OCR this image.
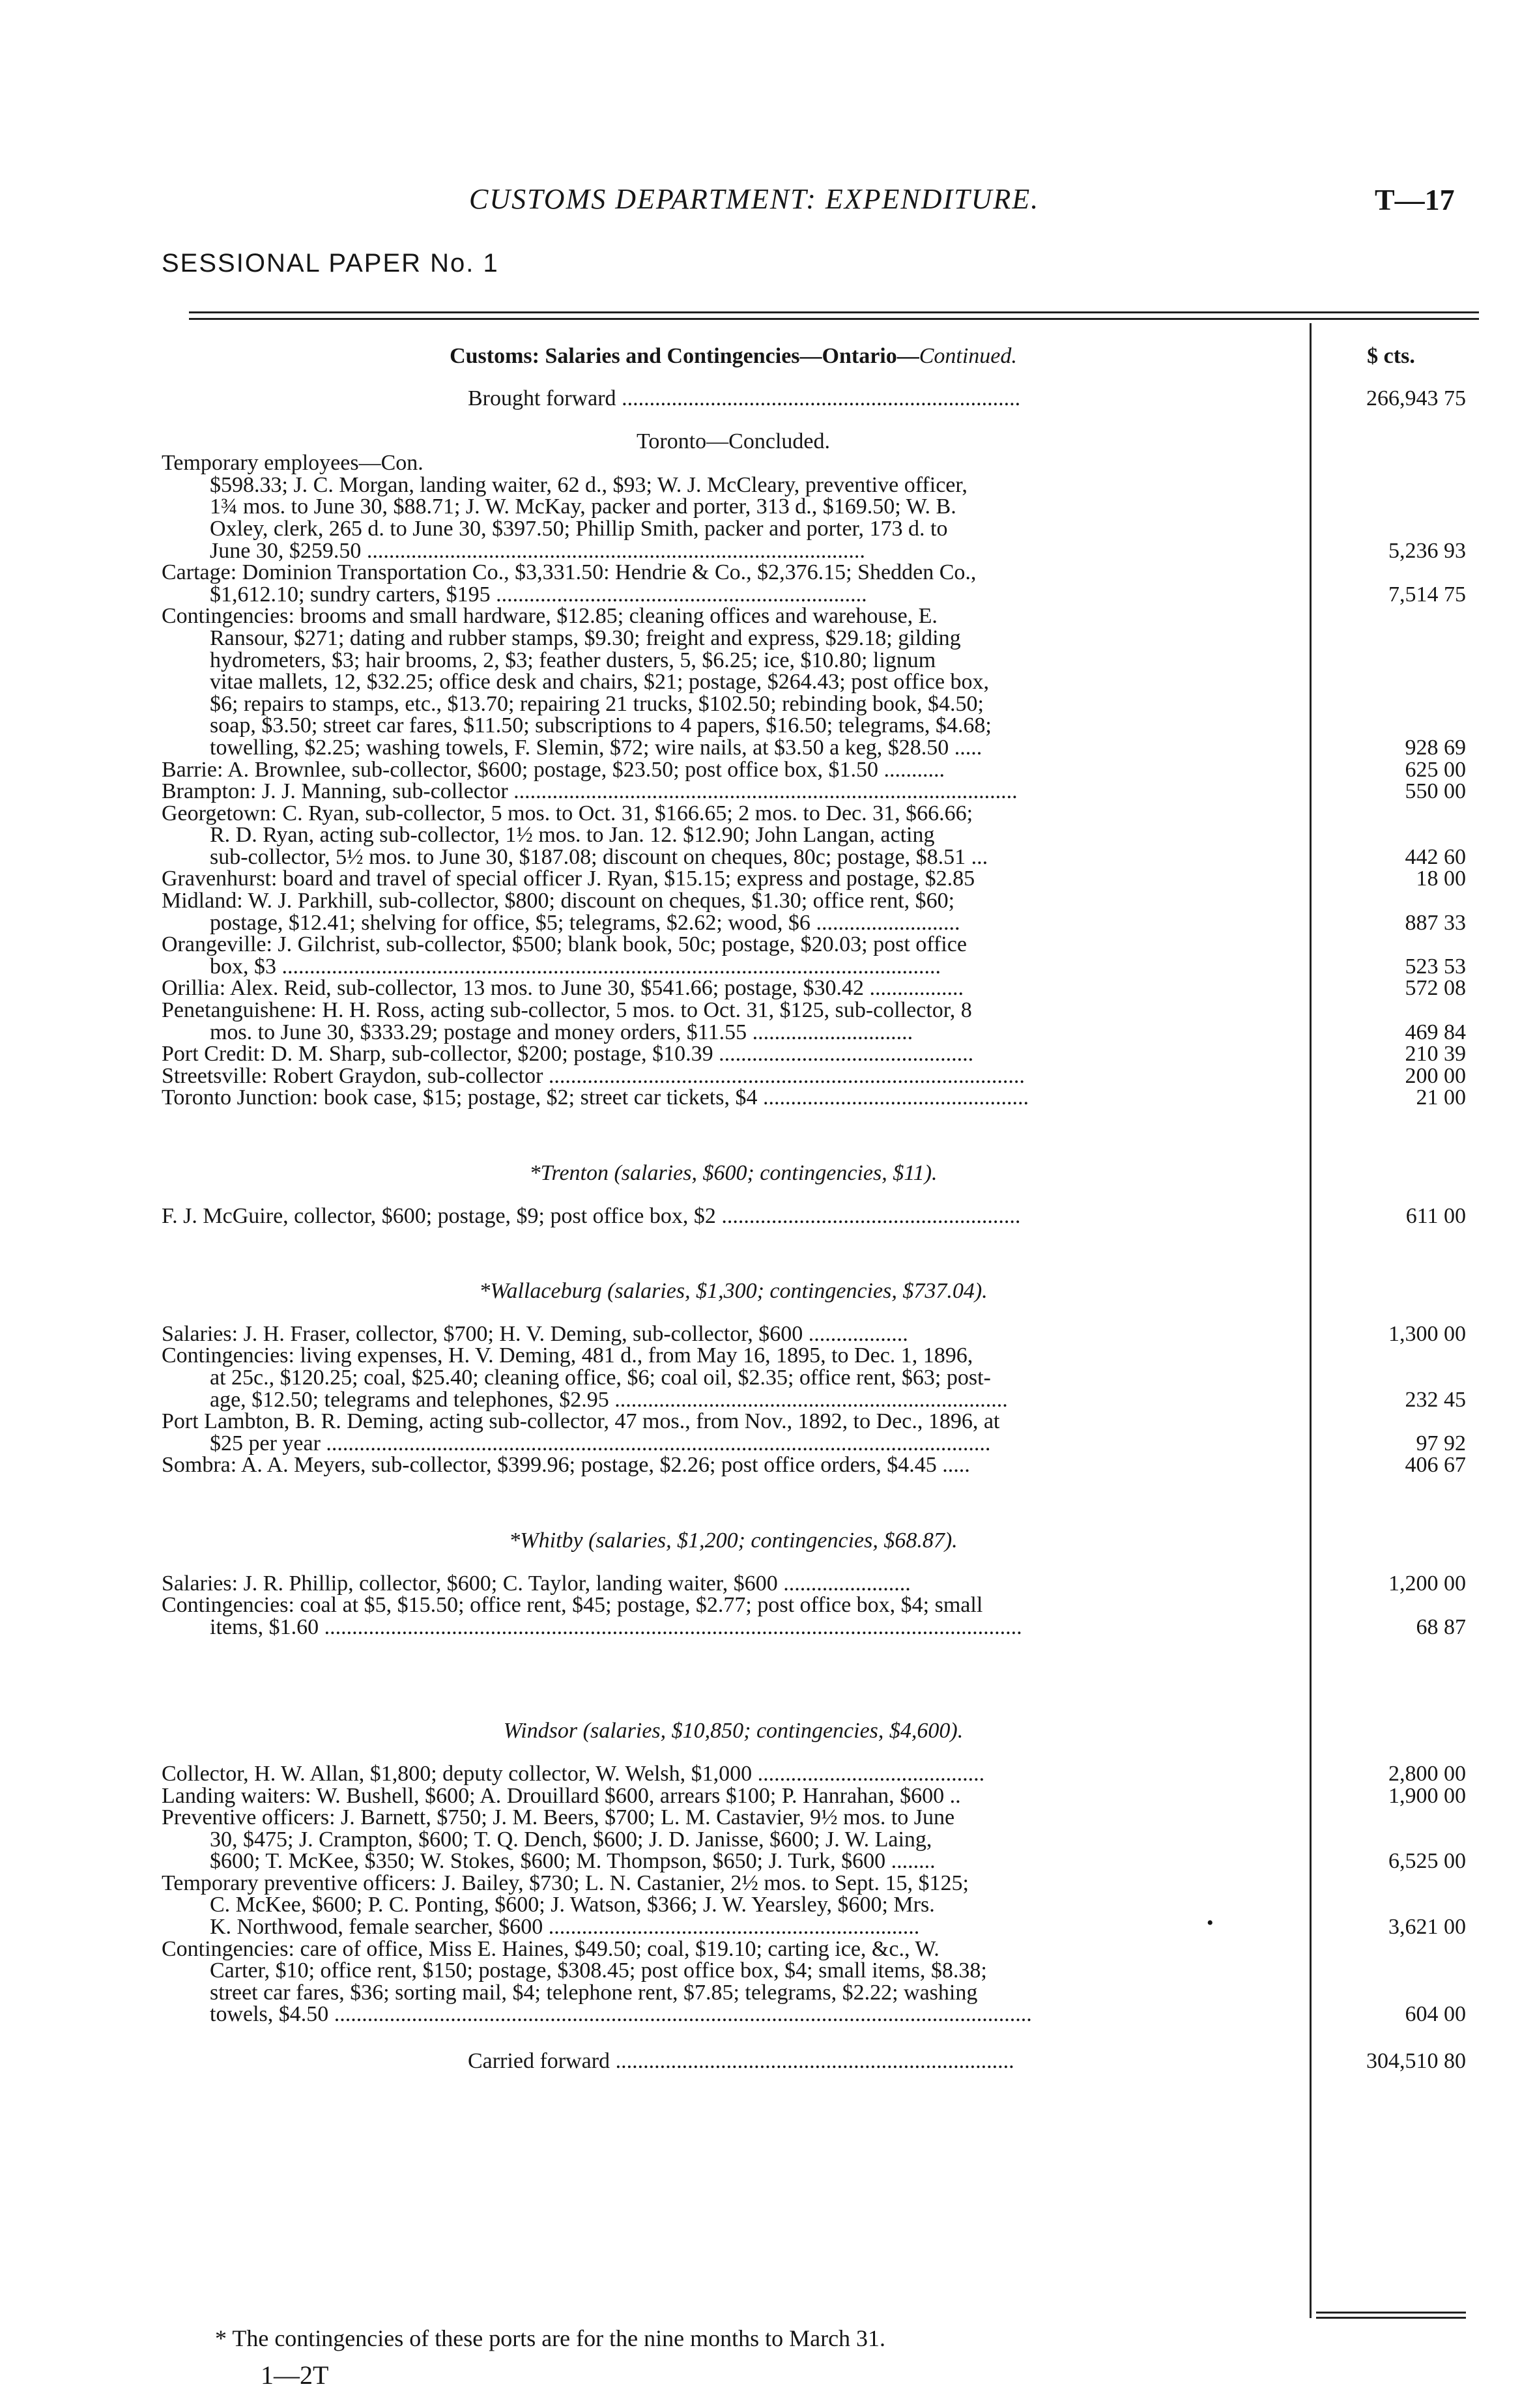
CUSTOMS DEPARTMENT: EXPENDITURE.	T—17
SESSIONAL PAPER No. 1
Customs: Salaries and Contingencies—Ontario—Continued.
Brought forward ........................................................................
Toronto—Concluded.
Temporary employees—Con.
$598.33; J. C. Morgan, landing waiter, 62 d., $93; W. J. McCleary, preventive officer,
1¾ mos. to June 30, $88.71; J. W. McKay, packer and porter, 313 d., $169.50; W. B.
Oxley, clerk, 265 d. to June 30, $397.50; Phillip Smith, packer and porter, 173 d. to
June 30, $259.50 ..........................................................................................
Cartage: Dominion Transportation Co., $3,331.50: Hendrie & Co., $2,376.15; Shedden Co.,
$1,612.10; sundry carters, $195 ...................................................................
Contingencies: brooms and small hardware, $12.85; cleaning offices and warehouse, E.
Ransour, $271; dating and rubber stamps, $9.30; freight and express, $29.18; gilding
hydrometers, $3; hair brooms, 2, $3; feather dusters, 5, $6.25; ice, $10.80; lignum
vitae mallets, 12, $32.25; office desk and chairs, $21; postage, $264.43; post office box,
$6; repairs to stamps, etc., $13.70; repairing 21 trucks, $102.50; rebinding book, $4.50;
soap, $3.50; street car fares, $11.50; subscriptions to 4 papers, $16.50; telegrams, $4.68;
towelling, $2.25; washing towels, F. Slemin, $72; wire nails, at $3.50 a keg, $28.50 .....
Barrie: A. Brownlee, sub-collector, $600; postage, $23.50; post office box, $1.50 ...........
Brampton: J. J. Manning, sub-collector ...........................................................................................
Georgetown: C. Ryan, sub-collector, 5 mos. to Oct. 31, $166.65; 2 mos. to Dec. 31, $66.66;
R. D. Ryan, acting sub-collector, 1½ mos. to Jan. 12. $12.90; John Langan, acting
sub-collector, 5½ mos. to June 30, $187.08; discount on cheques, 80c; postage, $8.51 ...
Gravenhurst: board and travel of special officer J. Ryan, $15.15; express and postage, $2.85
Midland: W. J. Parkhill, sub-collector, $800; discount on cheques, $1.30; office rent, $60;
postage, $12.41; shelving for office, $5; telegrams, $2.62; wood, $6 ..........................
Orangeville: J. Gilchrist, sub-collector, $500; blank book, 50c; postage, $20.03; post office
box, $3 .......................................................................................................................
Orillia: Alex. Reid, sub-collector, 13 mos. to June 30, $541.66; postage, $30.42 .................
Penetanguishene: H. H. Ross, acting sub-collector, 5 mos. to Oct. 31, $125, sub-collector, 8
mos. to June 30, $333.29; postage and money orders, $11.55 .............................
Port Credit: D. M. Sharp, sub-collector, $200; postage, $10.39 ..............................................
Streetsville: Robert Graydon, sub-collector ......................................................................................
Toronto Junction: book case, $15; postage, $2; street car tickets, $4 ................................................
*Trenton (salaries, $600; contingencies, $11).
F. J. McGuire, collector, $600; postage, $9; post office box, $2 ......................................................
*Wallaceburg (salaries, $1,300; contingencies, $737.04).
Salaries: J. H. Fraser, collector, $700; H. V. Deming, sub-collector, $600 ..................
Contingencies: living expenses, H. V. Deming, 481 d., from May 16, 1895, to Dec. 1, 1896,
at 25c., $120.25; coal, $25.40; cleaning office, $6; coal oil, $2.35; office rent, $63; post-
age, $12.50; telegrams and telephones, $2.95 .......................................................................
Port Lambton, B. R. Deming, acting sub-collector, 47 mos., from Nov., 1892, to Dec., 1896, at
$25 per year ........................................................................................................................
Sombra: A. A. Meyers, sub-collector, $399.96; postage, $2.26; post office orders, $4.45 .....
*Whitby (salaries, $1,200; contingencies, $68.87).
Salaries: J. R. Phillip, collector, $600; C. Taylor, landing waiter, $600 .......................
Contingencies: coal at $5, $15.50; office rent, $45; postage, $2.77; post office box, $4; small
items, $1.60 ..............................................................................................................................
Windsor (salaries, $10,850; contingencies, $4,600).
Collector, H. W. Allan, $1,800; deputy collector, W. Welsh, $1,000 .........................................
Landing waiters: W. Bushell, $600; A. Drouillard $600, arrears $100; P. Hanrahan, $600 ..
Preventive officers: J. Barnett, $750; J. M. Beers, $700; L. M. Castavier, 9½ mos. to June
30, $475; J. Crampton, $600; T. Q. Dench, $600; J. D. Janisse, $600; J. W. Laing,
$600; T. McKee, $350; W. Stokes, $600; M. Thompson, $650; J. Turk, $600 ........
Temporary preventive officers: J. Bailey, $730; L. N. Castanier, 2½ mos. to Sept. 15, $125;
C. McKee, $600; P. C. Ponting, $600; J. Watson, $366; J. W. Yearsley, $600; Mrs.
K. Northwood, female searcher, $600 ...................................................................
Contingencies: care of office, Miss E. Haines, $49.50; coal, $19.10; carting ice, &c., W.
Carter, $10; office rent, $150; postage, $308.45; post office box, $4; small items, $8.38;
street car fares, $36; sorting mail, $4; telephone rent, $7.85; telegrams, $2.22; washing
towels, $4.50 ..............................................................................................................................
Carried forward ........................................................................
$ cts.
266,943 75
5,236 93
7,514 75
928 69
625 00
550 00
442 60
18 00
887 33
523 53
572 08
469 84
210 39
200 00
21 00
611 00
1,300 00
232 45
97 92
406 67
1,200 00
68 87
2,800 00
1,900 00
6,525 00
3,621 00
604 00
304,510 80
•
* The contingencies of these ports are for the nine months to March 31.
1—2T
